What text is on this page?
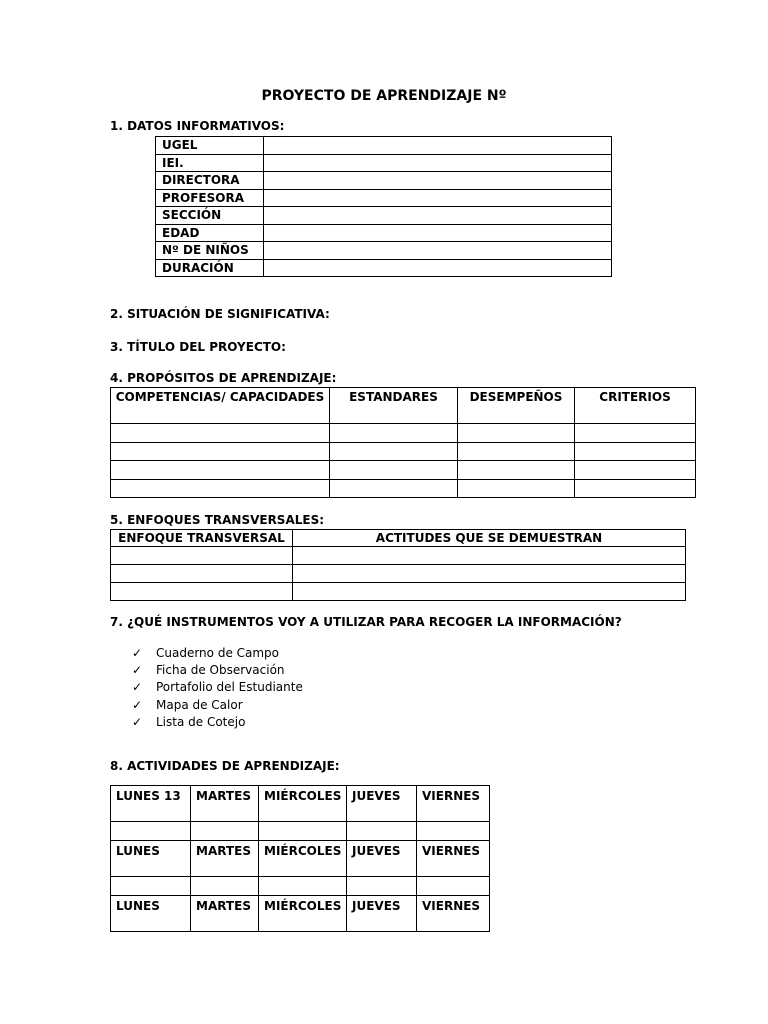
PROYECTO DE APRENDIZAJE Nº
1. DATOS INFORMATIVOS:
UGEL	
IEI.	
DIRECTORA	
PROFESORA	
SECCIÓN	
EDAD	
Nº DE NIÑOS	
DURACIÓN	
2. SITUACIÓN DE SIGNIFICATIVA:
3. TÍTULO DEL PROYECTO:
4. PROPÓSITOS DE APRENDIZAJE:
COMPETENCIAS/ CAPACIDADES	ESTANDARES	DESEMPEÑOS	CRITERIOS

5. ENFOQUES TRANSVERSALES:
ENFOQUE TRANSVERSAL	ACTITUDES QUE SE DEMUESTRAN

7. ¿QUÉ INSTRUMENTOS VOY A UTILIZAR PARA RECOGER LA INFORMACIÓN?
✓ Cuaderno de Campo
✓ Ficha de Observación
✓ Portafolio del Estudiante
✓ Mapa de Calor
✓ Lista de Cotejo
8. ACTIVIDADES DE APRENDIZAJE:
LUNES 13	MARTES	MIÉRCOLES	JUEVES	VIERNES

LUNES	MARTES	MIÉRCOLES	JUEVES	VIERNES

LUNES	MARTES	MIÉRCOLES	JUEVES	VIERNES
